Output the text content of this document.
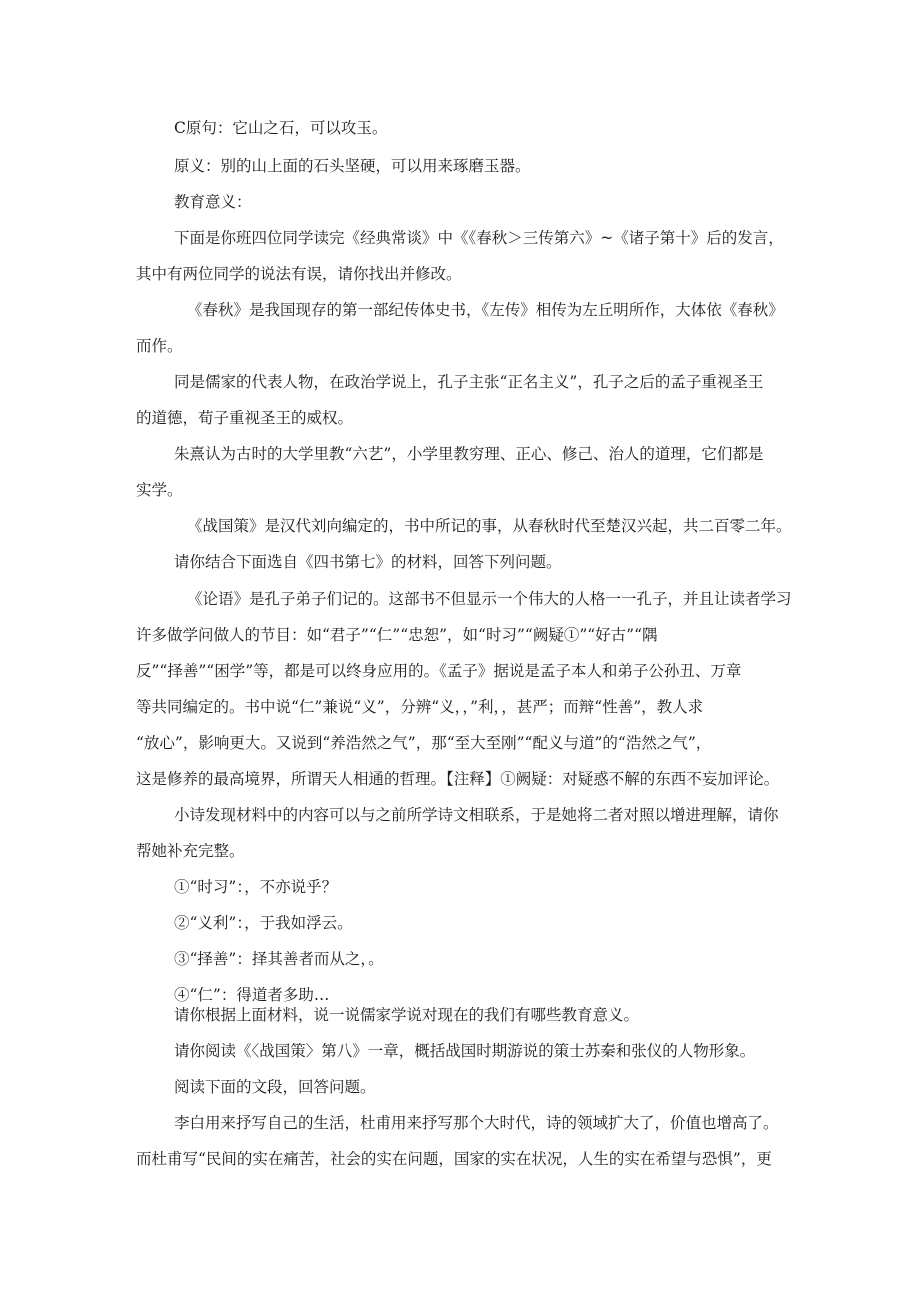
C原句：它山之石，可以攻玉。
原义：别的山上面的石头坚硬，可以用来琢磨玉器。
教育意义：
下面是你班四位同学读完《经典常谈》中《《春秋＞三传第六》~《诸子第十》后的发言，
其中有两位同学的说法有误，请你找出并修改。
《春秋》是我国现存的第一部纪传体史书，《左传》相传为左丘明所作，大体依《春秋》
而作。
同是儒家的代表人物，在政治学说上，孔子主张“正名主义”，孔子之后的孟子重视圣王
的道德，荀子重视圣王的威权。
朱熹认为古时的大学里教“六艺”，小学里教穷理、正心、修己、治人的道理，它们都是
实学。
《战国策》是汉代刘向编定的，书中所记的事，从春秋时代至楚汉兴起，共二百零二年。
请你结合下面选自《四书第七》的材料，回答下列问题。
《论语》是孔子弟子们记的。这部书不但显示一个伟大的人格一一孔子，并且让读者学习
许多做学问做人的节目：如“君子”“仁”“忠恕”，如“时习”“阙疑①”“好古”“隅
反”“择善”“困学”等，都是可以终身应用的。《孟子》据说是孟子本人和弟子公孙丑、万章
等共同编定的。书中说“仁”兼说“义”，分辨“义，，”利，，甚严；而辩“性善”，教人求
“放心”，影响更大。又说到“养浩然之气”，那“至大至刚”“配义与道”的“浩然之气”，
这是修养的最高境界，所谓天人相通的哲理。【注释】①阙疑：对疑惑不解的东西不妄加评论。
小诗发现材料中的内容可以与之前所学诗文相联系，于是她将二者对照以增进理解，请你
帮她补充完整。
①“时习”：，不亦说乎？
②“义利”：，于我如浮云。
③“择善”：择其善者而从之，。
④“仁”：得道者多助…
请你根据上面材料，说一说儒家学说对现在的我们有哪些教育意义。
请你阅读《〈战国策〉第八》一章，概括战国时期游说的策士苏秦和张仪的人物形象。
阅读下面的文段，回答问题。
李白用来抒写自己的生活，杜甫用来抒写那个大时代，诗的领域扩大了，价值也增高了。
而杜甫写“民间的实在痛苦，社会的实在问题，国家的实在状况，人生的实在希望与恐惧”，更
